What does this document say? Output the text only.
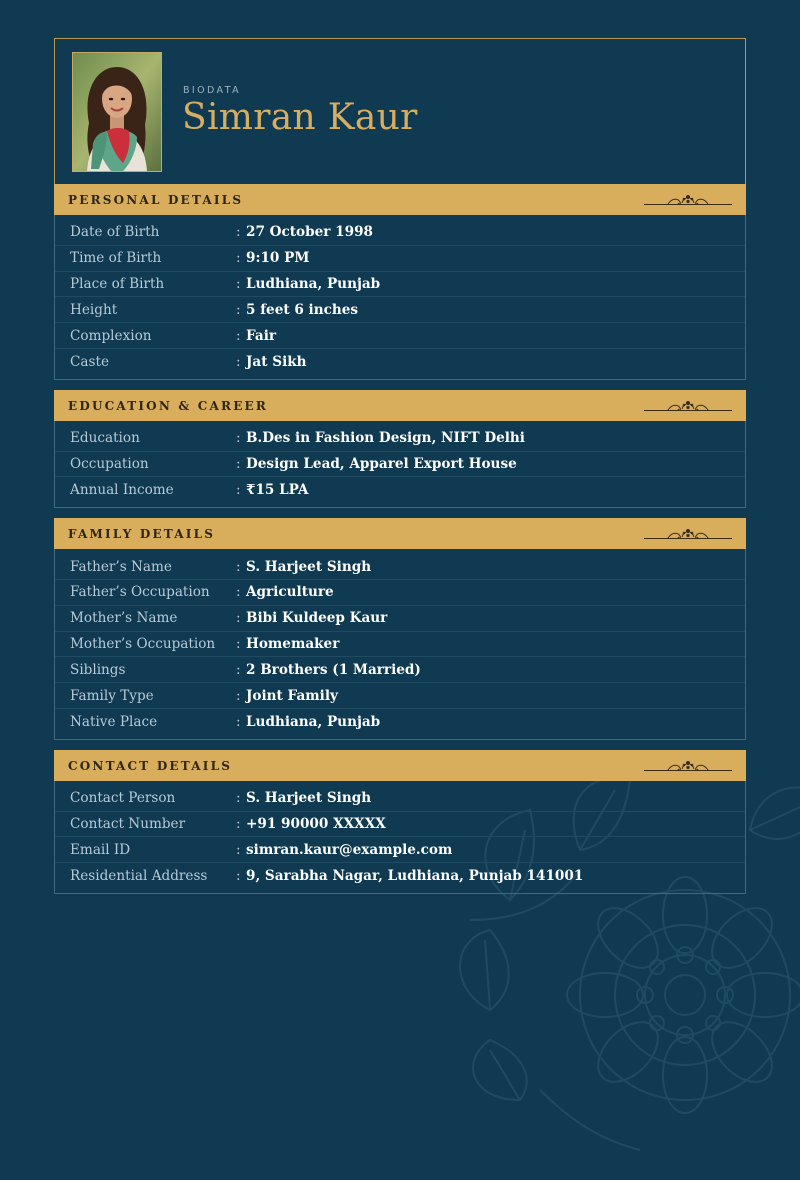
BIODATA
Simran Kaur
PERSONAL DETAILS
Date of Birth	: 27 October 1998
Time of Birth	: 9:10 PM
Place of Birth	: Ludhiana, Punjab
Height	: 5 feet 6 inches
Complexion	: Fair
Caste	: Jat Sikh
EDUCATION & CAREER
Education	: B.Des in Fashion Design, NIFT Delhi
Occupation	: Design Lead, Apparel Export House
Annual Income	: ₹15 LPA
FAMILY DETAILS
Father’s Name	: S. Harjeet Singh
Father’s Occupation	: Agriculture
Mother’s Name	: Bibi Kuldeep Kaur
Mother’s Occupation	: Homemaker
Siblings	: 2 Brothers (1 Married)
Family Type	: Joint Family
Native Place	: Ludhiana, Punjab
CONTACT DETAILS
Contact Person	: S. Harjeet Singh
Contact Number	: +91 90000 XXXXX
Email ID	: simran.kaur@example.com
Residential Address	: 9, Sarabha Nagar, Ludhiana, Punjab 141001
